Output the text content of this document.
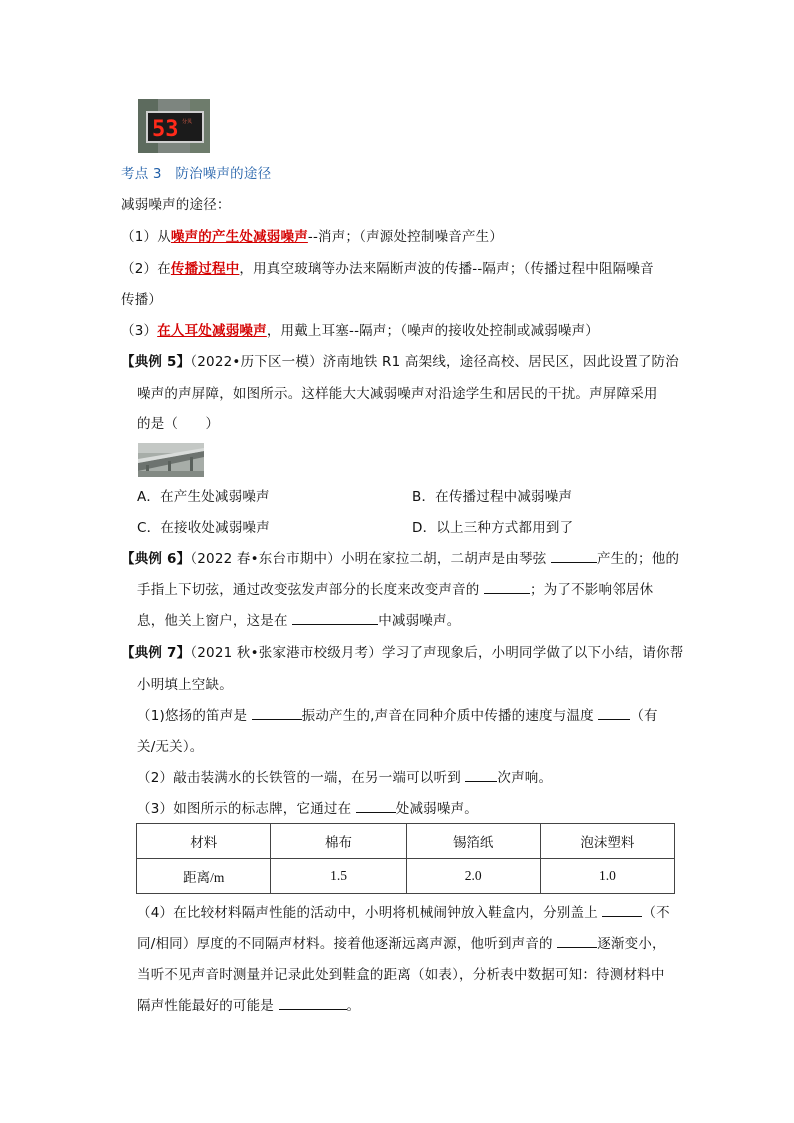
53 分贝
考点 3　防治噪声的途径
减弱噪声的途径：
（1）从噪声的产生处减弱噪声--消声；（声源处控制噪音产生）
（2）在传播过程中，用真空玻璃等办法来隔断声波的传播--隔声；（传播过程中阻隔噪音
传播）
（3）在人耳处减弱噪声，用戴上耳塞--隔声；（噪声的接收处控制或减弱噪声）
【典例 5】（2022•历下区一模）济南地铁 R1 高架线，途径高校、居民区，因此设置了防治
噪声的声屏障，如图所示。这样能大大减弱噪声对沿途学生和居民的干扰。声屏障采用
的是（　　）
A．在产生处减弱噪声	B．在传播过程中减弱噪声
C．在接收处减弱噪声	D．以上三种方式都用到了
【典例 6】（2022 春•东台市期中）小明在家拉二胡，二胡声是由琴弦	产生的；他的
手指上下切弦，通过改变弦发声部分的长度来改变声音的	；为了不影响邻居休
息，他关上窗户，这是在	中减弱噪声。
【典例 7】（2021 秋•张家港市校级月考）学习了声现象后，小明同学做了以下小结，请你帮
小明填上空缺。
（1)悠扬的笛声是	振动产生的,声音在同种介质中传播的速度与温度 （有
关/无关）。
（2）敲击装满水的长铁管的一端，在另一端可以听到 次声响。
（3）如图所示的标志牌，它通过在	处减弱噪声。
材料	棉布	锡箔纸	泡沫塑料
距离/m	1.5	2.0	1.0
（4）在比较材料隔声性能的活动中，小明将机械闹钟放入鞋盒内，分别盖上	（不
同/相同）厚度的不同隔声材料。接着他逐渐远离声源，他听到声音的	逐渐变小，
当听不见声音时测量并记录此处到鞋盒的距离（如表），分析表中数据可知：待测材料中
隔声性能最好的可能是	。
